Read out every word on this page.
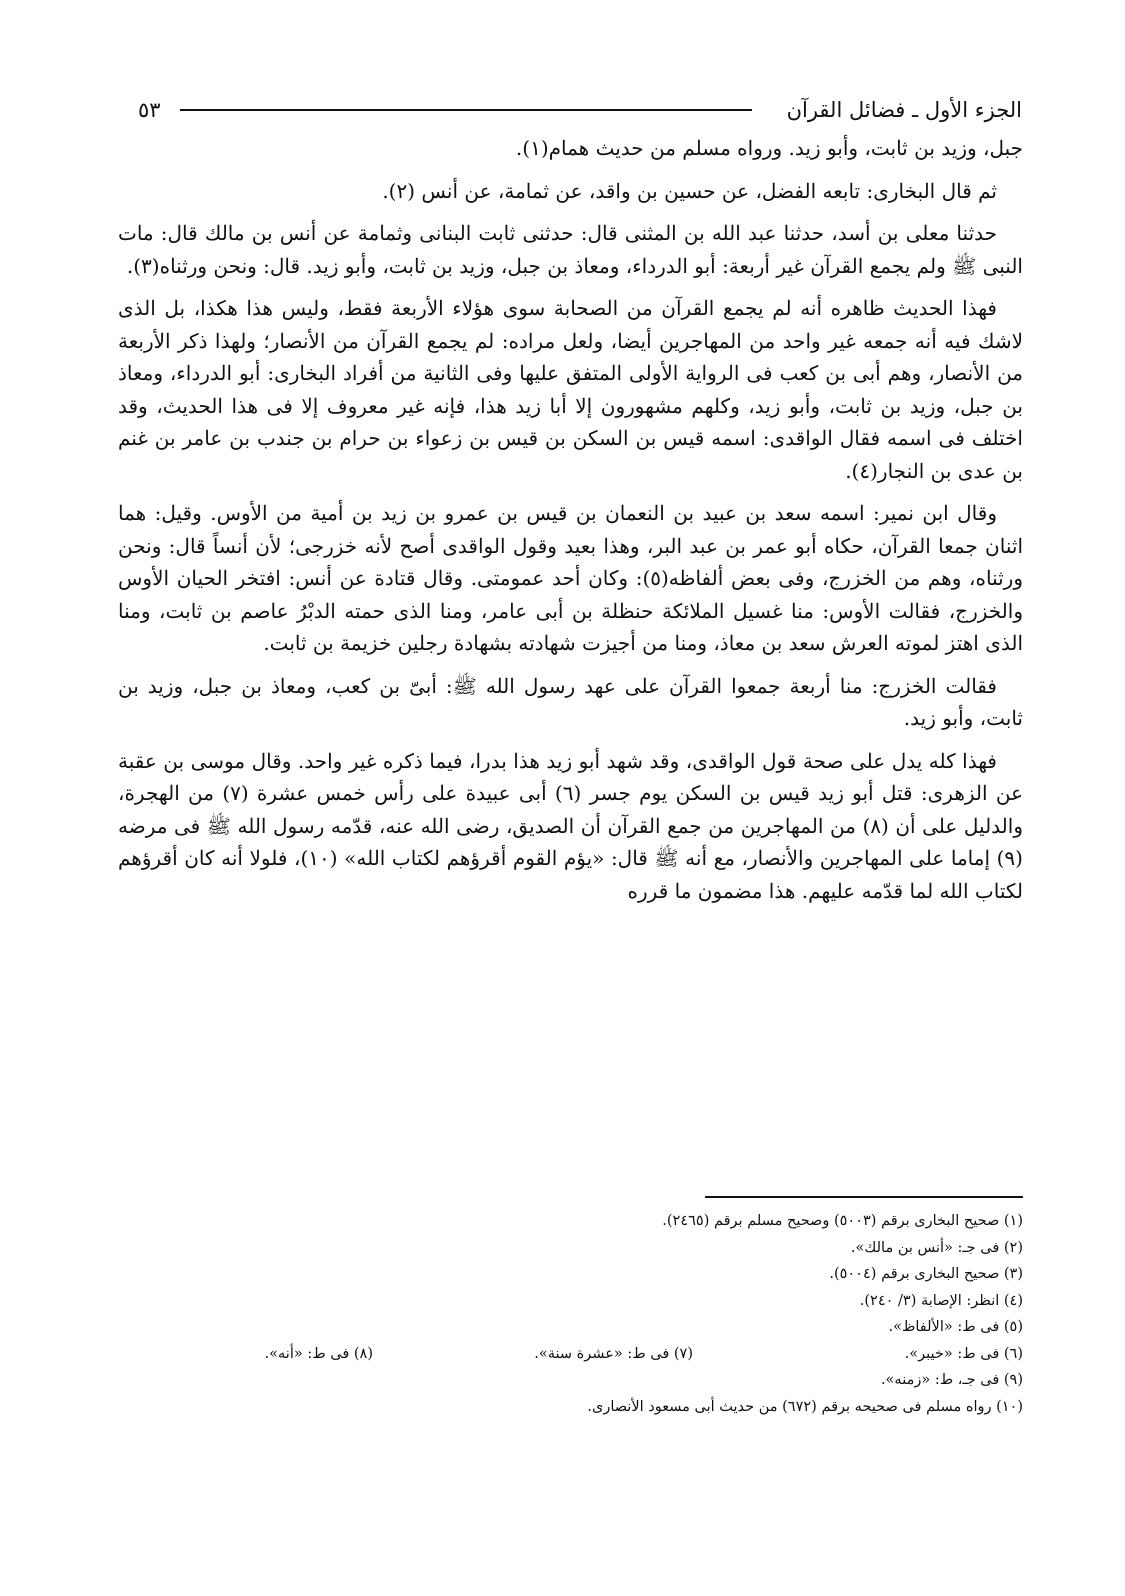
٥٣	الجزء الأول ـ فضائل القرآن

جبل، وزيد بن ثابت، وأبو زيد. ورواه مسلم من حديث همام(١).

ثم قال البخارى: تابعه الفضل، عن حسين بن واقد، عن ثمامة، عن أنس (٢).

حدثنا معلى بن أسد، حدثنا عبد الله بن المثنى قال: حدثنى ثابت البنانى وثمامة عن أنس بن مالك قال: مات النبى ﷺ ولم يجمع القرآن غير أربعة: أبو الدرداء، ومعاذ بن جبل، وزيد بن ثابت، وأبو زيد. قال: ونحن ورثناه(٣).

فهذا الحديث ظاهره أنه لم يجمع القرآن من الصحابة سوى هؤلاء الأربعة فقط، وليس هذا هكذا، بل الذى لاشك فيه أنه جمعه غير واحد من المهاجرين أيضا، ولعل مراده: لم يجمع القرآن من الأنصار؛ ولهذا ذكر الأربعة من الأنصار، وهم أبى بن كعب فى الرواية الأولى المتفق عليها وفى الثانية من أفراد البخارى: أبو الدرداء، ومعاذ بن جبل، وزيد بن ثابت، وأبو زيد، وكلهم مشهورون إلا أبا زيد هذا، فإنه غير معروف إلا فى هذا الحديث، وقد اختلف فى اسمه فقال الواقدى: اسمه قيس بن السكن بن قيس بن زعواء بن حرام بن جندب بن عامر بن غنم بن عدى بن النجار(٤).

وقال ابن نمير: اسمه سعد بن عبيد بن النعمان بن قيس بن عمرو بن زيد بن أمية من الأوس. وقيل: هما اثنان جمعا القرآن، حكاه أبو عمر بن عبد البر، وهذا بعيد وقول الواقدى أصح لأنه خزرجى؛ لأن أنساً قال: ونحن ورثناه، وهم من الخزرج، وفى بعض ألفاظه(٥): وكان أحد عمومتى. وقال قتادة عن أنس: افتخر الحيان الأوس والخزرج، فقالت الأوس: منا غسيل الملائكة حنظلة بن أبى عامر، ومنا الذى حمته الدبْرُ عاصم بن ثابت، ومنا الذى اهتز لموته العرش سعد بن معاذ، ومنا من أجيزت شهادته بشهادة رجلين خزيمة بن ثابت.

فقالت الخزرج: منا أربعة جمعوا القرآن على عهد رسول الله ﷺ: أبىّ بن كعب، ومعاذ بن جبل، وزيد بن ثابت، وأبو زيد.

فهذا كله يدل على صحة قول الواقدى، وقد شهد أبو زيد هذا بدرا، فيما ذكره غير واحد. وقال موسى بن عقبة عن الزهرى: قتل أبو زيد قيس بن السكن يوم جسر (٦) أبى عبيدة على رأس خمس عشرة (٧) من الهجرة، والدليل على أن (٨) من المهاجرين من جمع القرآن أن الصديق، رضى الله عنه، قدّمه رسول الله ﷺ فى مرضه (٩) إماما على المهاجرين والأنصار، مع أنه ﷺ قال: «يؤم القوم أقرؤهم لكتاب الله» (١٠)، فلولا أنه كان أقرؤهم لكتاب الله لما قدّمه عليهم. هذا مضمون ما قرره

(١) صحيح البخارى برقم (٥٠٠٣) وصحيح مسلم برقم (٢٤٦٥).
(٢) فى جـ: «أنس بن مالك».
(٣) صحيح البخارى برقم (٥٠٠٤).
(٤) انظر: الإصابة (٣/ ٢٤٠).
(٥) فى ط: «الألفاظ».
(٦) فى ط: «خيبر».
(٧) فى ط: «عشرة سنة».
(٨) فى ط: «أنه».
(٩) فى جـ، ط: «زمنه».
(١٠) رواه مسلم فى صحيحه برقم (٦٧٢) من حديث أبى مسعود الأنصارى.
